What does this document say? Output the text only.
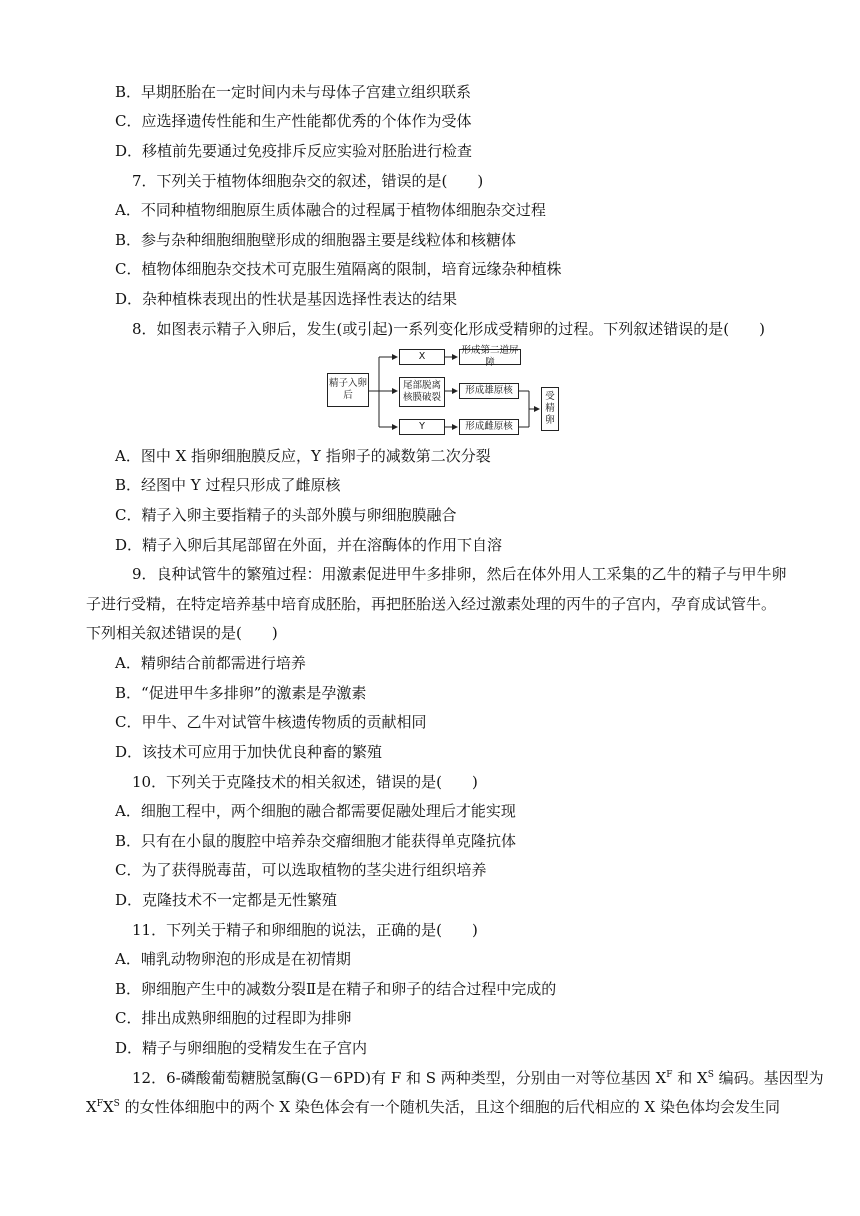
B．早期胚胎在一定时间内未与母体子宫建立组织联系
C．应选择遗传性能和生产性能都优秀的个体作为受体
D．移植前先要通过免疫排斥反应实验对胚胎进行检查
7．下列关于植物体细胞杂交的叙述，错误的是(　　)
A．不同种植物细胞原生质体融合的过程属于植物体细胞杂交过程
B．参与杂种细胞细胞壁形成的细胞器主要是线粒体和核糖体
C．植物体细胞杂交技术可克服生殖隔离的限制，培育远缘杂种植株
D．杂种植株表现出的性状是基因选择性表达的结果
8．如图表示精子入卵后，发生(或引起)一系列变化形成受精卵的过程。下列叙述错误的是(　　)
精子入卵后
X
尾部脱离核膜破裂
Y
形成第二道屏障
形成雄原核
形成雌原核
受精卵
A．图中 X 指卵细胞膜反应，Y 指卵子的减数第二次分裂
B．经图中 Y 过程只形成了雌原核
C．精子入卵主要指精子的头部外膜与卵细胞膜融合
D．精子入卵后其尾部留在外面，并在溶酶体的作用下自溶
9．良种试管牛的繁殖过程：用激素促进甲牛多排卵，然后在体外用人工采集的乙牛的精子与甲牛卵
子进行受精，在特定培养基中培育成胚胎，再把胚胎送入经过激素处理的丙牛的子宫内，孕育成试管牛。
下列相关叙述错误的是(　　)
A．精卵结合前都需进行培养
B．“促进甲牛多排卵”的激素是孕激素
C．甲牛、乙牛对试管牛核遗传物质的贡献相同
D．该技术可应用于加快优良种畜的繁殖
10．下列关于克隆技术的相关叙述，错误的是(　　)
A．细胞工程中，两个细胞的融合都需要促融处理后才能实现
B．只有在小鼠的腹腔中培养杂交瘤细胞才能获得单克隆抗体
C．为了获得脱毒苗，可以选取植物的茎尖进行组织培养
D．克隆技术不一定都是无性繁殖
11．下列关于精子和卵细胞的说法，正确的是(　　)
A．哺乳动物卵泡的形成是在初情期
B．卵细胞产生中的减数分裂Ⅱ是在精子和卵子的结合过程中完成的
C．排出成熟卵细胞的过程即为排卵
D．精子与卵细胞的受精发生在子宫内
12．6-磷酸葡萄糖脱氢酶(G－6PD)有 F 和 S 两种类型，分别由一对等位基因 $X^F$ 和 $X^S$ 编码。基因型为
$X^FX^S$ 的女性体细胞中的两个 X 染色体会有一个随机失活，且这个细胞的后代相应的 X 染色体均会发生同
